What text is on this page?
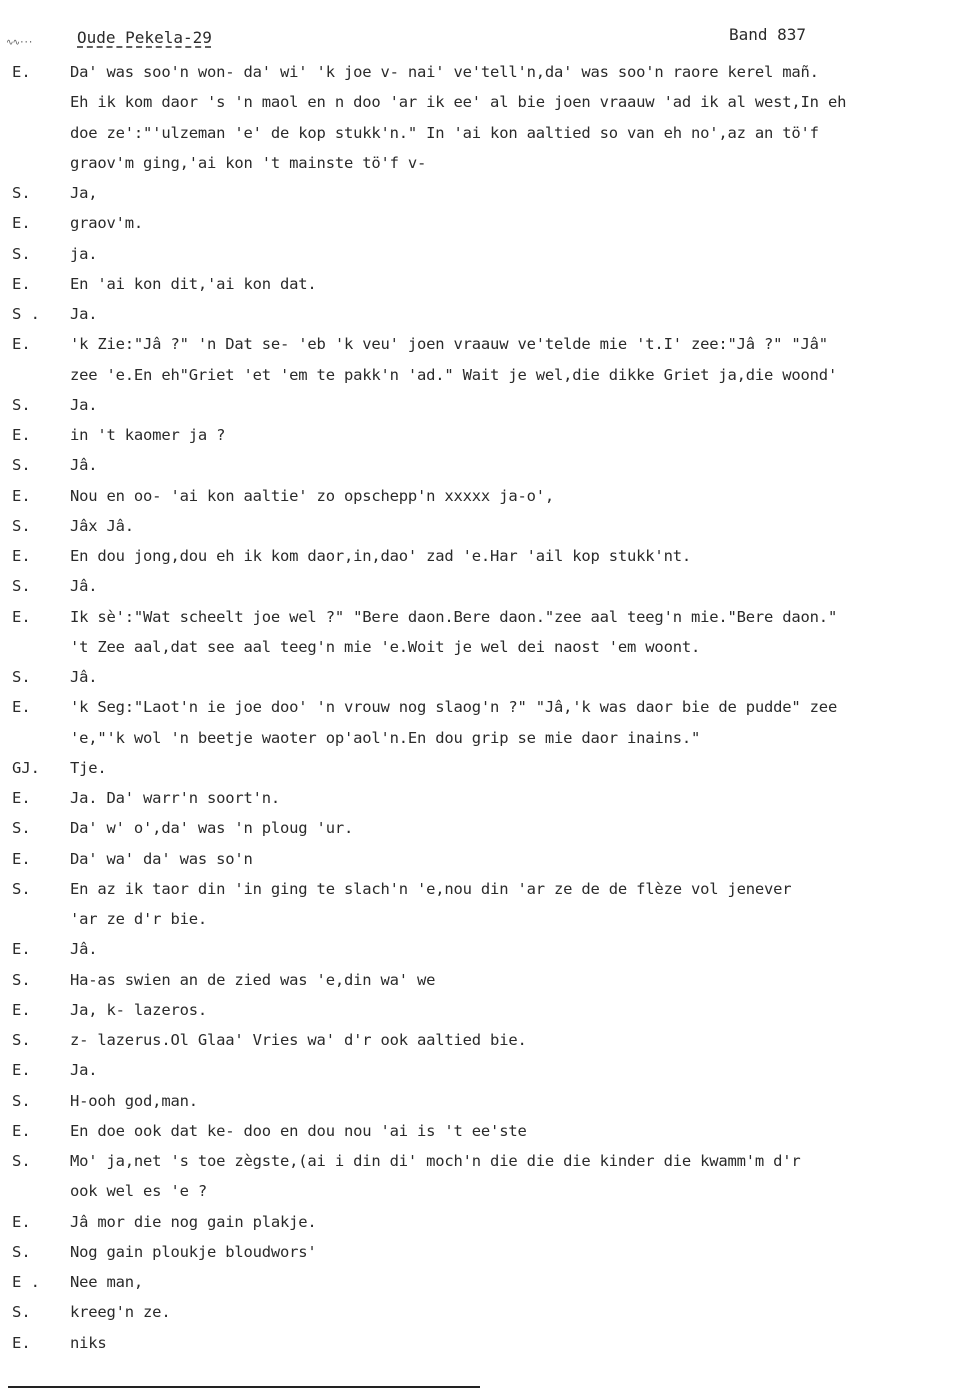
∿∿···	Oude Pekela-29	Band 837
E.	Da' was soo'n won- da' wi' 'k joe v- nai' ve'tell'n,da' was soo'n raore kerel mañ.
Eh ik kom daor 's 'n maol en n doo 'ar ik ee' al bie joen vraauw 'ad ik al west,In eh
doe ze':"'ulzeman 'e' de kop stukk'n." In 'ai kon aaltied so van eh no',az an tö'f
graov'm ging,'ai kon 't mainste tö'f v-
S.	Ja,
E.	graov'm.
S.	ja.
E.	En 'ai kon dit,'ai kon dat.
S .	Ja.
E.	'k Zie:"Jâ ?" 'n Dat se- 'eb 'k veu' joen vraauw ve'telde mie 't.I' zee:"Jâ ?" "Jâ"
zee 'e.En eh"Griet 'et 'em te pakk'n 'ad." Wait je wel,die dikke Griet ja,die woond'
S.	Ja.
E.	in 't kaomer ja ?
S.	Jâ.
E.	Nou en oo- 'ai kon aaltie' zo opschepp'n xxxxx ja-o',
S.	Jâx Jâ.
E.	En dou jong,dou eh ik kom daor,in,dao' zad 'e.Har 'ail kop stukk'nt.
S.	Jâ.
E.	Ik sè':"Wat scheelt joe wel ?" "Bere daon.Bere daon."zee aal teeg'n mie."Bere daon."
't Zee aal,dat see aal teeg'n mie 'e.Woit je wel dei naost 'em woont.
S.	Jâ.
E.	'k Seg:"Laot'n ie joe doo' 'n vrouw nog slaog'n ?" "Jâ,'k was daor bie de pudde" zee
'e,"'k wol 'n beetje waoter op'aol'n.En dou grip se mie daor inains."
GJ.	Tje.
E.	Ja. Da' warr'n soort'n.
S.	Da' w' o',da' was 'n ploug 'ur.
E.	Da' wa' da' was so'n
S.	En az ik taor din 'in ging te slach'n 'e,nou din 'ar ze de de flèze vol jenever
'ar ze d'r bie.
E.	Jâ.
S.	Ha-as swien an de zied was 'e,din wa' we
E.	Ja, k- lazeros.
S.	z- lazerus.Ol Glaa' Vries wa' d'r ook aaltied bie.
E.	Ja.
S.	H-ooh god,man.
E.	En doe ook dat ke- doo en dou nou 'ai is 't ee'ste
S.	Mo' ja,net 's toe zègste,(ai i din di' moch'n die die die kinder die kwamm'm d'r
ook wel es 'e ?
E.	Jâ mor die nog gain plakje.
S.	Nog gain ploukje bloudwors'
E .	Nee man,
S.	kreeg'n ze.
E.	niks
